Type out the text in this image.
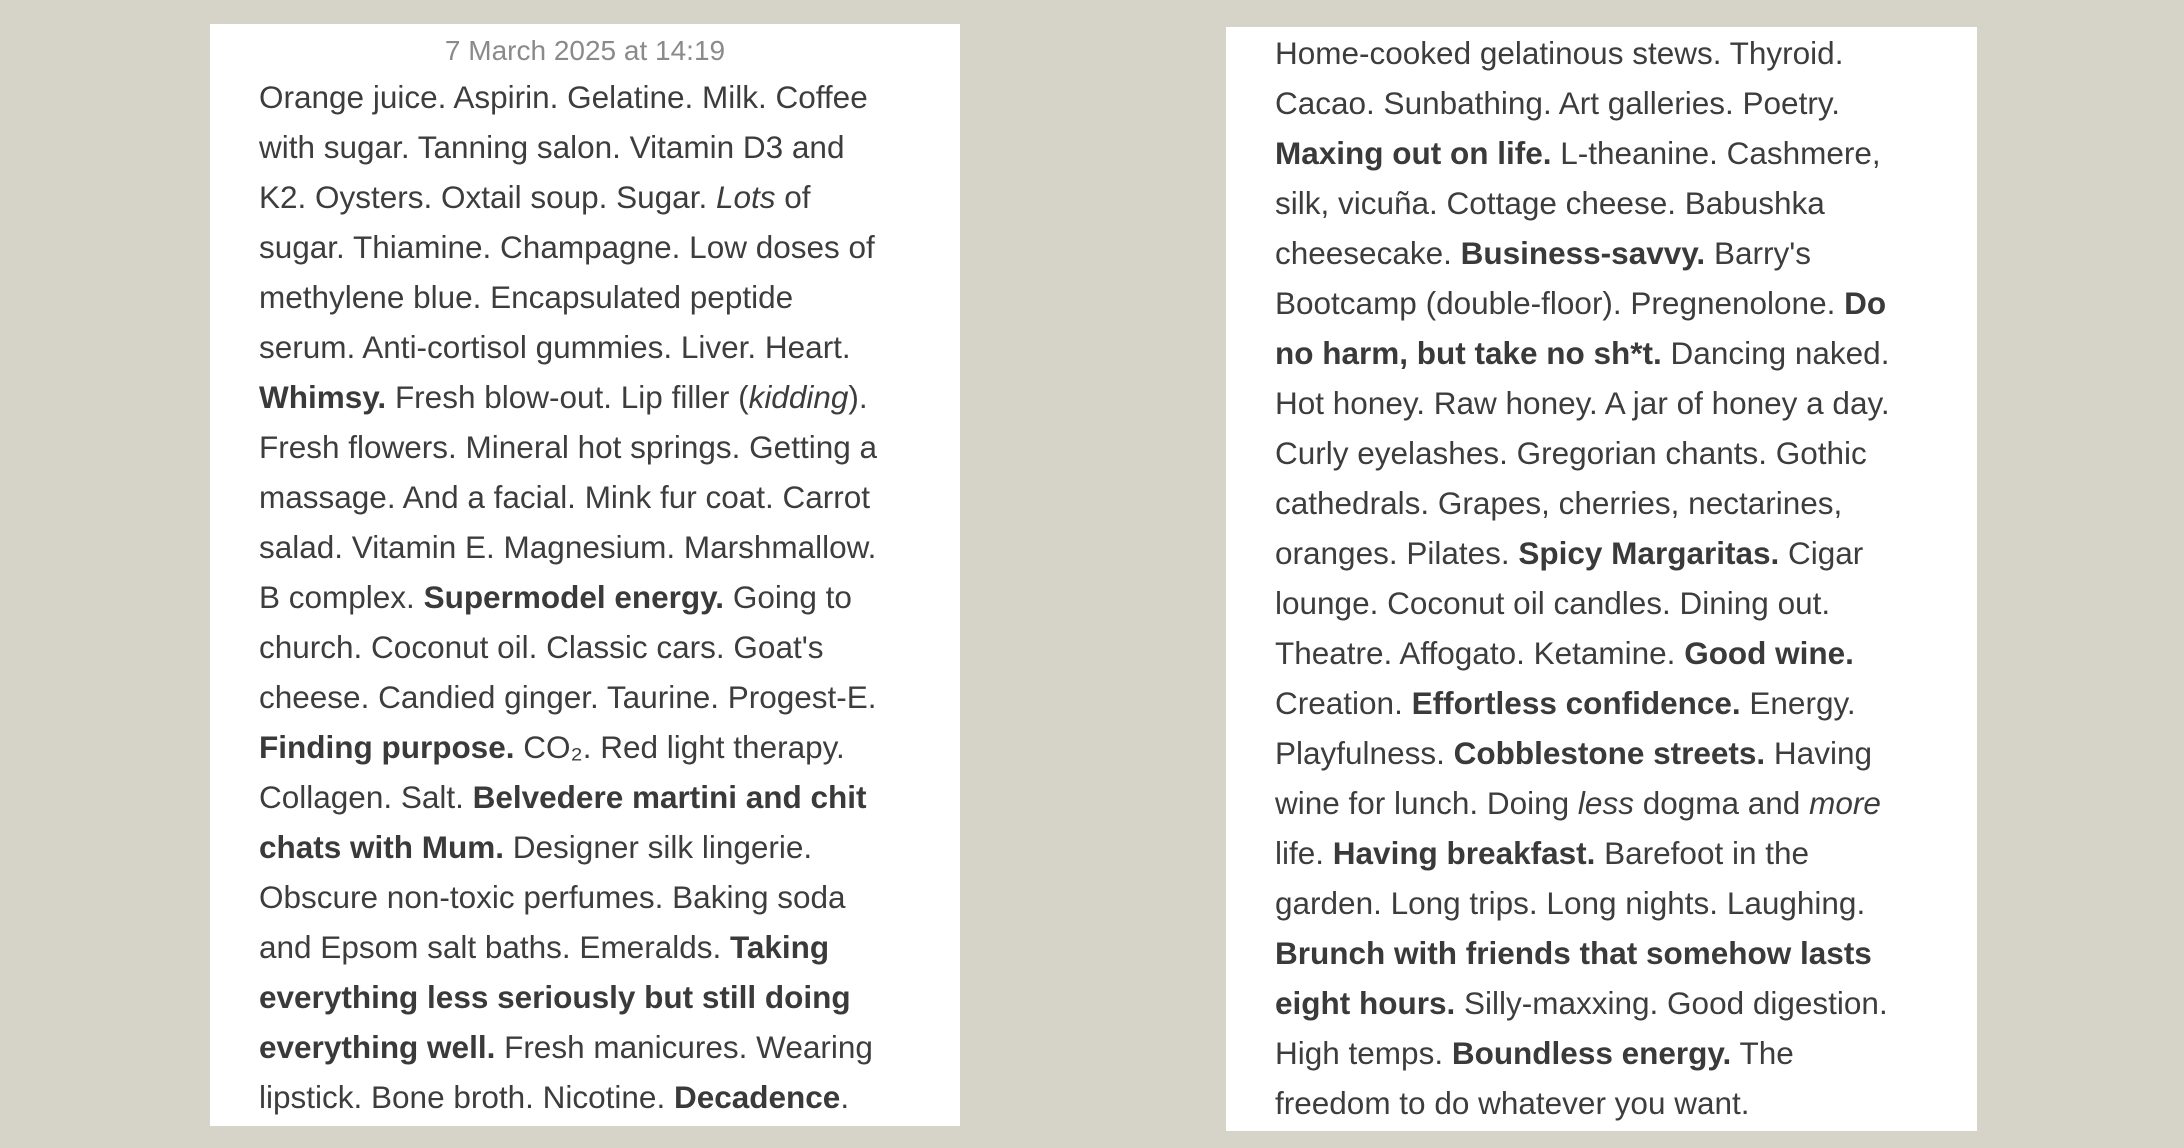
7 March 2025 at 14:19
Orange juice. Aspirin. Gelatine. Milk. Coffee
with sugar. Tanning salon. Vitamin D3 and
K2. Oysters. Oxtail soup. Sugar. Lots of
sugar. Thiamine. Champagne. Low doses of
methylene blue. Encapsulated peptide
serum. Anti-cortisol gummies. Liver. Heart.
Whimsy. Fresh blow-out. Lip filler (kidding).
Fresh flowers. Mineral hot springs. Getting a
massage. And a facial. Mink fur coat. Carrot
salad. Vitamin E. Magnesium. Marshmallow.
B complex. Supermodel energy. Going to
church. Coconut oil. Classic cars. Goat's
cheese. Candied ginger. Taurine. Progest-E.
Finding purpose. CO₂. Red light therapy.
Collagen. Salt. Belvedere martini and chit
chats with Mum. Designer silk lingerie.
Obscure non-toxic perfumes. Baking soda
and Epsom salt baths. Emeralds. Taking
everything less seriously but still doing
everything well. Fresh manicures. Wearing
lipstick. Bone broth. Nicotine. Decadence.
Home-cooked gelatinous stews. Thyroid.
Cacao. Sunbathing. Art galleries. Poetry.
Maxing out on life. L-theanine. Cashmere,
silk, vicuña. Cottage cheese. Babushka
cheesecake. Business-savvy. Barry's
Bootcamp (double-floor). Pregnenolone. Do
no harm, but take no sh*t. Dancing naked.
Hot honey. Raw honey. A jar of honey a day.
Curly eyelashes. Gregorian chants. Gothic
cathedrals. Grapes, cherries, nectarines,
oranges. Pilates. Spicy Margaritas. Cigar
lounge. Coconut oil candles. Dining out.
Theatre. Affogato. Ketamine. Good wine.
Creation. Effortless confidence. Energy.
Playfulness. Cobblestone streets. Having
wine for lunch. Doing less dogma and more
life. Having breakfast. Barefoot in the
garden. Long trips. Long nights. Laughing.
Brunch with friends that somehow lasts
eight hours. Silly-maxxing. Good digestion.
High temps. Boundless energy. The
freedom to do whatever you want.
